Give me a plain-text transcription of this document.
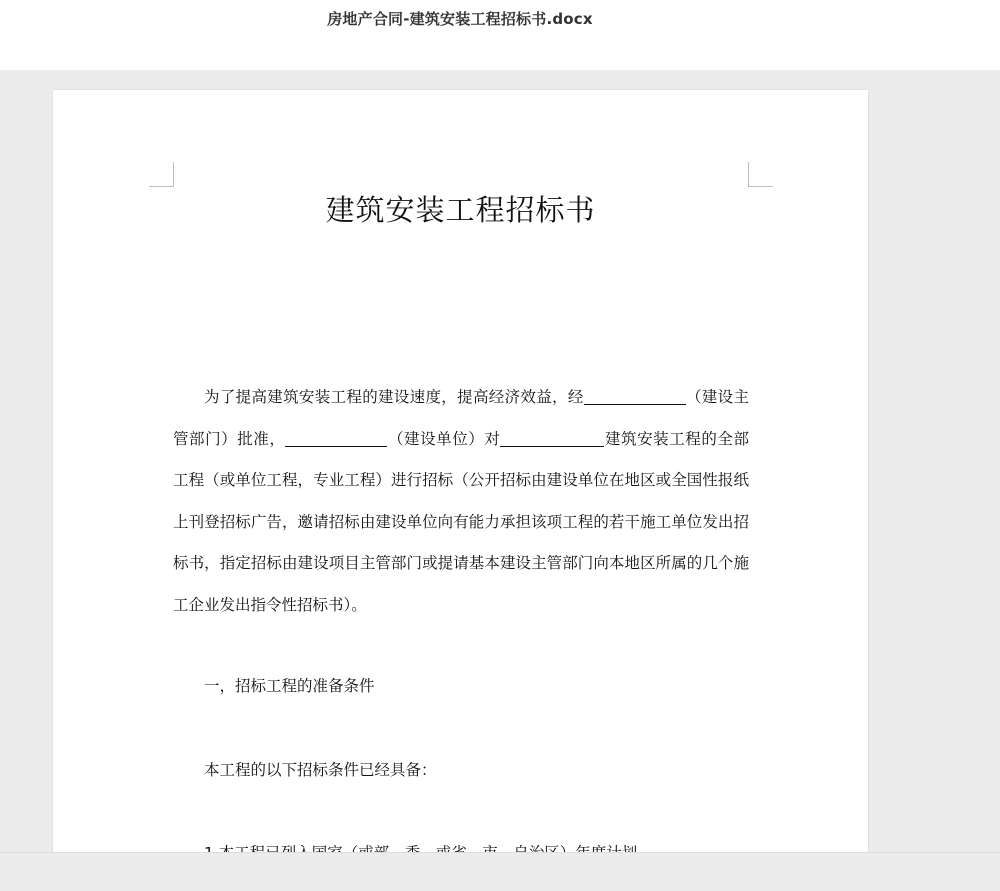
房地产合同-建筑安装工程招标书.docx
建筑安装工程招标书

为了提高建筑安装工程的建设速度，提高经济效益，经	（建设主管部门）批准，	（建设单位）对	建筑安装工程的全部工程（或单位工程，专业工程）进行招标（公开招标由建设单位在地区或全国性报纸上刊登招标广告，邀请招标由建设单位向有能力承担该项工程的若干施工单位发出招标书，指定招标由建设项目主管部门或提请基本建设主管部门向本地区所属的几个施工企业发出指令性招标书）。

一，招标工程的准备条件

本工程的以下招标条件已经具备：
